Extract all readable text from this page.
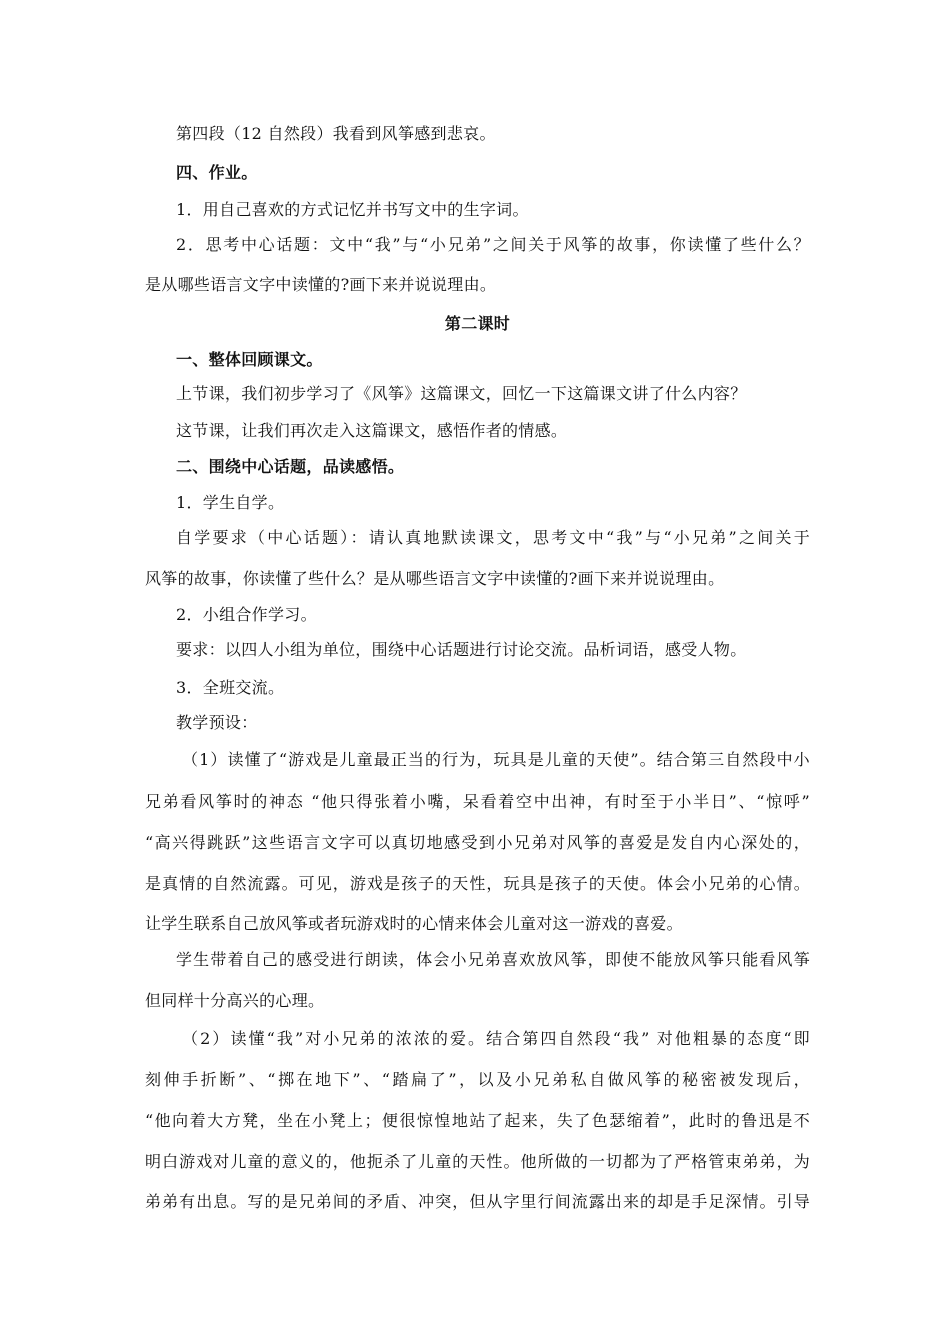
第四段（12 自然段）我看到风筝感到悲哀。
四、作业。
1．用自己喜欢的方式记忆并书写文中的生字词。
2．思考中心话题：文中“我”与“小兄弟”之间关于风筝的故事，你读懂了些什么？
是从哪些语言文字中读懂的?画下来并说说理由。
第二课时
一、整体回顾课文。
上节课，我们初步学习了《风筝》这篇课文，回忆一下这篇课文讲了什么内容？
这节课，让我们再次走入这篇课文，感悟作者的情感。
二、围绕中心话题，品读感悟。
1．学生自学。
自学要求（中心话题）：请认真地默读课文，思考文中“我”与“小兄弟”之间关于
风筝的故事，你读懂了些什么？是从哪些语言文字中读懂的?画下来并说说理由。
2．小组合作学习。
要求：以四人小组为单位，围绕中心话题进行讨论交流。品析词语，感受人物。
3．全班交流。
教学预设：
（1）读懂了“游戏是儿童最正当的行为，玩具是儿童的天使”。结合第三自然段中小
兄弟看风筝时的神态 “他只得张着小嘴，呆看着空中出神，有时至于小半日”、“惊呼”
“高兴得跳跃”这些语言文字可以真切地感受到小兄弟对风筝的喜爱是发自内心深处的，
是真情的自然流露。可见，游戏是孩子的天性，玩具是孩子的天使。体会小兄弟的心情。
让学生联系自己放风筝或者玩游戏时的心情来体会儿童对这一游戏的喜爱。
学生带着自己的感受进行朗读，体会小兄弟喜欢放风筝，即使不能放风筝只能看风筝
但同样十分高兴的心理。
（2）读懂“我”对小兄弟的浓浓的爱。结合第四自然段“我” 对他粗暴的态度“即
刻伸手折断”、“掷在地下”、“踏扁了”，以及小兄弟私自做风筝的秘密被发现后，
“他向着大方凳，坐在小凳上；便很惊惶地站了起来，失了色瑟缩着”，此时的鲁迅是不
明白游戏对儿童的意义的，他扼杀了儿童的天性。他所做的一切都为了严格管束弟弟，为
弟弟有出息。写的是兄弟间的矛盾、冲突，但从字里行间流露出来的却是手足深情。引导
